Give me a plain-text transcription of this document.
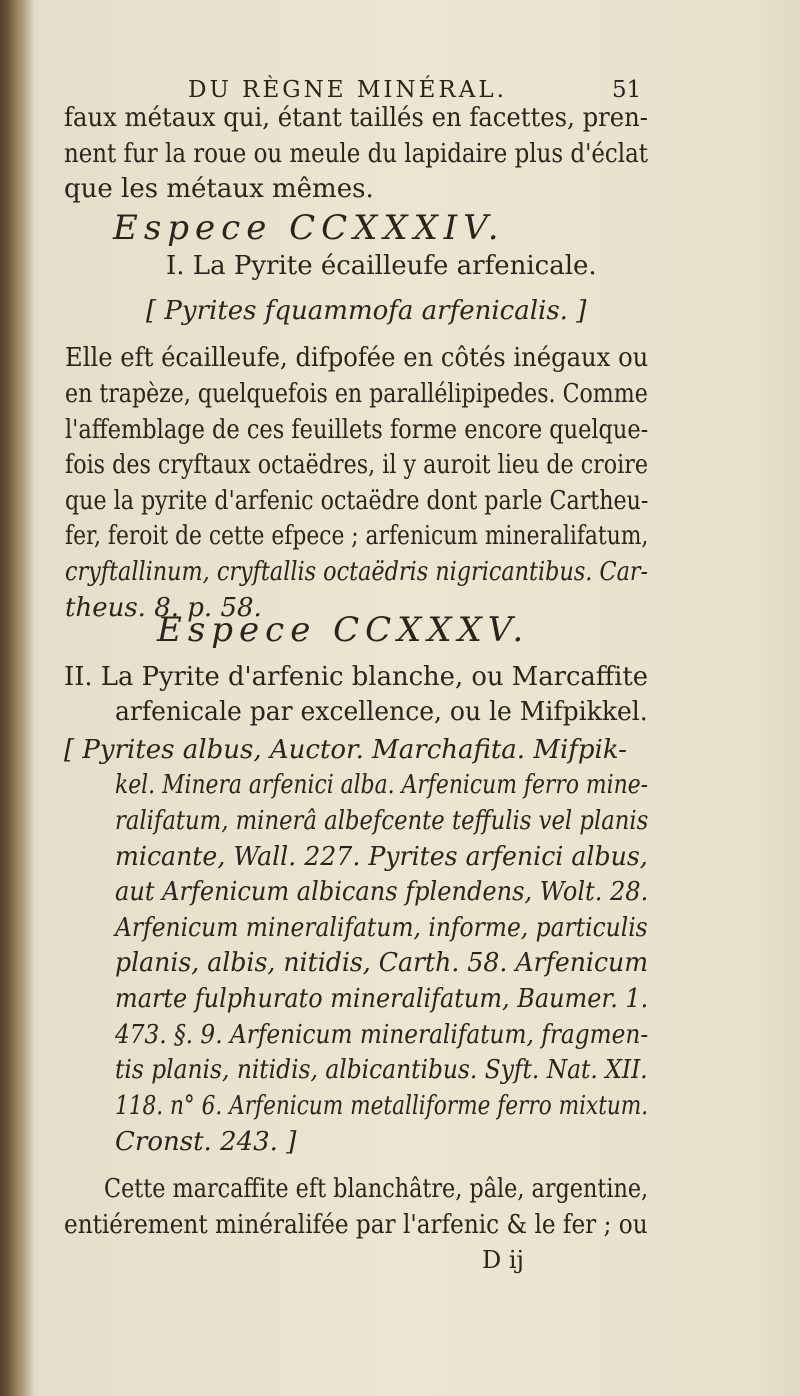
DU RÈGNE MINÉRAL.	51
faux métaux qui, étant taillés en facettes, pren-
nent fur la roue ou meule du lapidaire plus d'éclat
que les métaux mêmes.
Espece CCXXXIV.
I. La Pyrite écailleufe arfenicale.
[ Pyrites fquammofa arfenicalis. ]
Elle eft écailleufe, difpofée en côtés inégaux ou
en trapèze, quelquefois en parallélipipedes. Comme
l'affemblage de ces feuillets forme encore quelque-
fois des cryftaux octaëdres, il y auroit lieu de croire
que la pyrite d'arfenic octaëdre dont parle Cartheu-
fer, feroit de cette efpece ; arfenicum mineralifatum,
cryftallinum, cryftallis octaëdris nigricantibus. Car-
theus. 8. p. 58.
Espece CCXXXV.
II. La Pyrite d'arfenic blanche, ou Marcaffite
arfenicale par excellence, ou le Mifpikkel.
[ Pyrites albus, Auctor. Marchafita. Mifpik-
kel. Minera arfenici alba. Arfenicum ferro mine-
ralifatum, minerâ albefcente teffulis vel planis
micante, Wall. 227. Pyrites arfenici albus,
aut Arfenicum albicans fplendens, Wolt. 28.
Arfenicum mineralifatum, informe, particulis
planis, albis, nitidis, Carth. 58. Arfenicum
marte fulphurato mineralifatum, Baumer. 1.
473. §. 9. Arfenicum mineralifatum, fragmen-
tis planis, nitidis, albicantibus. Syft. Nat. XII.
118. n° 6. Arfenicum metalliforme ferro mixtum.
Cronst. 243. ]
Cette marcaffite eft blanchâtre, pâle, argentine,
entiérement minéralifée par l'arfenic & le fer ; ou
D ij
